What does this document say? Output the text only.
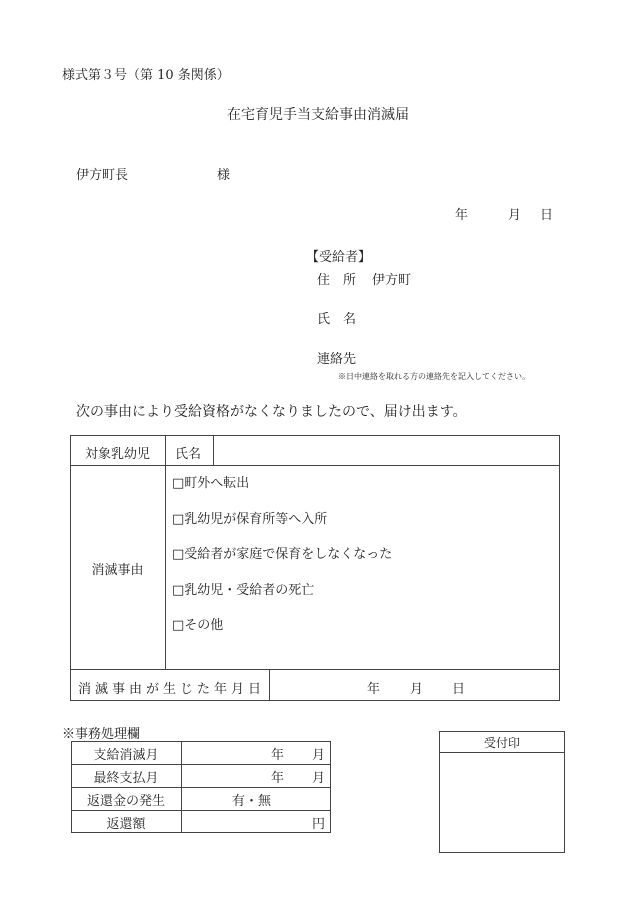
様式第３号（第 10 条関係）
在宅育児手当支給事由消滅届
伊方町長	様
年	月 日
【受給者】
住　所 伊方町
氏　名
連絡先
※日中連絡を取れる方の連絡先を記入してください。
次の事由により受給資格がなくなりましたので、届け出ます。
対象乳幼児	氏名
消滅事由
□町外へ転出
□乳幼児が保育所等へ入所
□受給者が家庭で保育をしなくなった
□乳幼児・受給者の死亡
□その他
消滅事由が生じた年月日	年 月 日
※事務処理欄
支給消滅月	年 月
最終支払月	年 月
返還金の発生	有・無
返還額	円
受付印
